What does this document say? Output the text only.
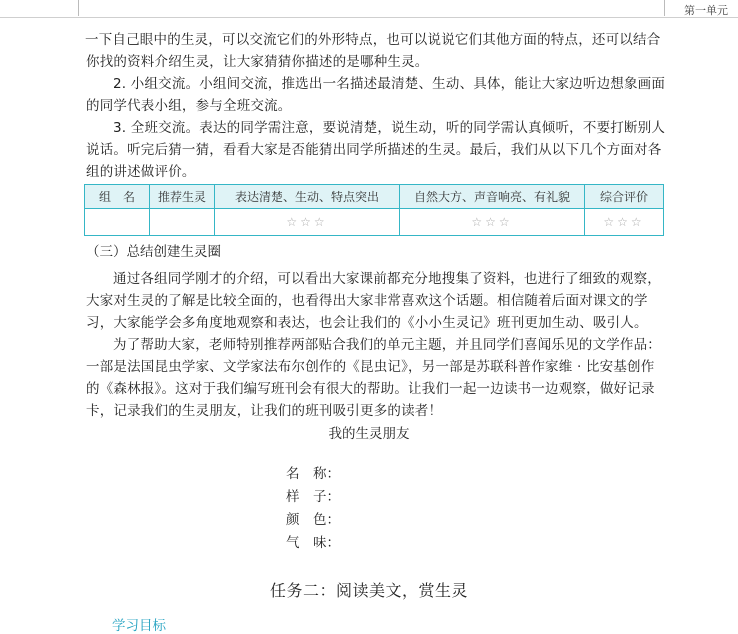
第一单元

一下自己眼中的生灵，可以交流它们的外形特点，也可以说说它们其他方面的特点，还可以结合你找的资料介绍生灵，让大家猜猜你描述的是哪种生灵。

2. 小组交流。小组间交流，推选出一名描述最清楚、生动、具体，能让大家边听边想象画面的同学代表小组，参与全班交流。

3. 全班交流。表达的同学需注意，要说清楚，说生动，听的同学需认真倾听，不要打断别人说话。听完后猜一猜，看看大家是否能猜出同学所描述的生灵。最后，我们从以下几个方面对各组的讲述做评价。

组　名	推荐生灵	表达清楚、生动、特点突出	自然大方、声音响亮、有礼貌	综合评价
		☆☆☆	☆☆☆	☆☆☆
（三）总结创建生灵圈

通过各组同学刚才的介绍，可以看出大家课前都充分地搜集了资料，也进行了细致的观察，大家对生灵的了解是比较全面的，也看得出大家非常喜欢这个话题。相信随着后面对课文的学习，大家能学会多角度地观察和表达，也会让我们的《小小生灵记》班刊更加生动、吸引人。

为了帮助大家，老师特别推荐两部贴合我们的单元主题，并且同学们喜闻乐见的文学作品：一部是法国昆虫学家、文学家法布尔创作的《昆虫记》，另一部是苏联科普作家维 · 比安基创作的《森林报》。这对于我们编写班刊会有很大的帮助。让我们一起一边读书一边观察，做好记录卡，记录我们的生灵朋友，让我们的班刊吸引更多的读者！

我的生灵朋友
名　称：
样　子：
颜　色：
气　味：
任务二：阅读美文，赏生灵
学习目标
